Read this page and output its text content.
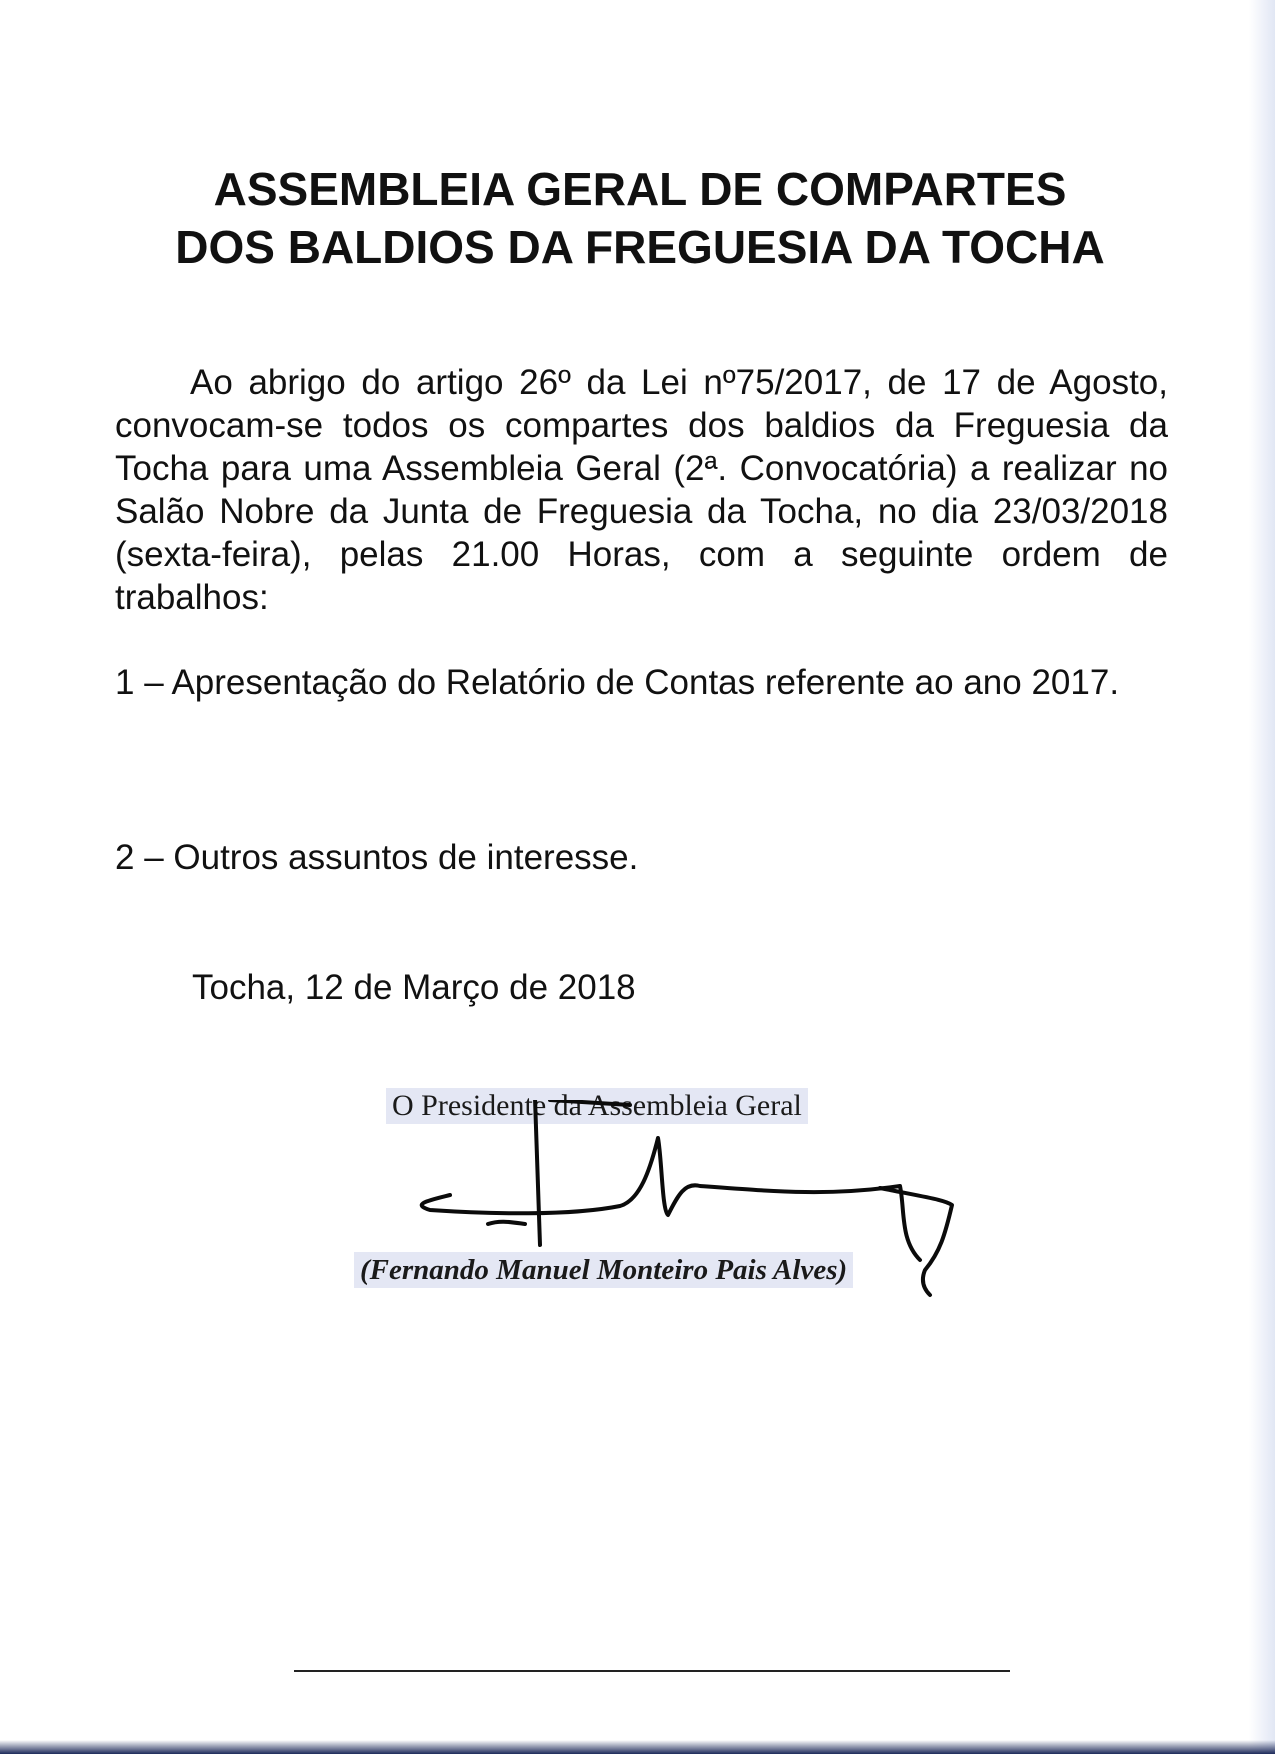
ASSEMBLEIA GERAL DE COMPARTES
DOS BALDIOS DA FREGUESIA DA TOCHA

Ao abrigo do artigo 26º da Lei nº75/2017, de 17 de Agosto, convocam-se todos os compartes dos baldios da Freguesia da Tocha para uma Assembleia Geral (2ª. Convocatória) a realizar no Salão Nobre da Junta de Freguesia da Tocha, no dia 23/03/2018 (sexta-feira), pelas 21.00 Horas, com a seguinte ordem de trabalhos:

1 – Apresentação do Relatório de Contas referente ao ano 2017.

2 – Outros assuntos de interesse.

Tocha, 12 de Março de 2018

O Presidente da Assembleia Geral
(Fernando Manuel Monteiro Pais Alves)
